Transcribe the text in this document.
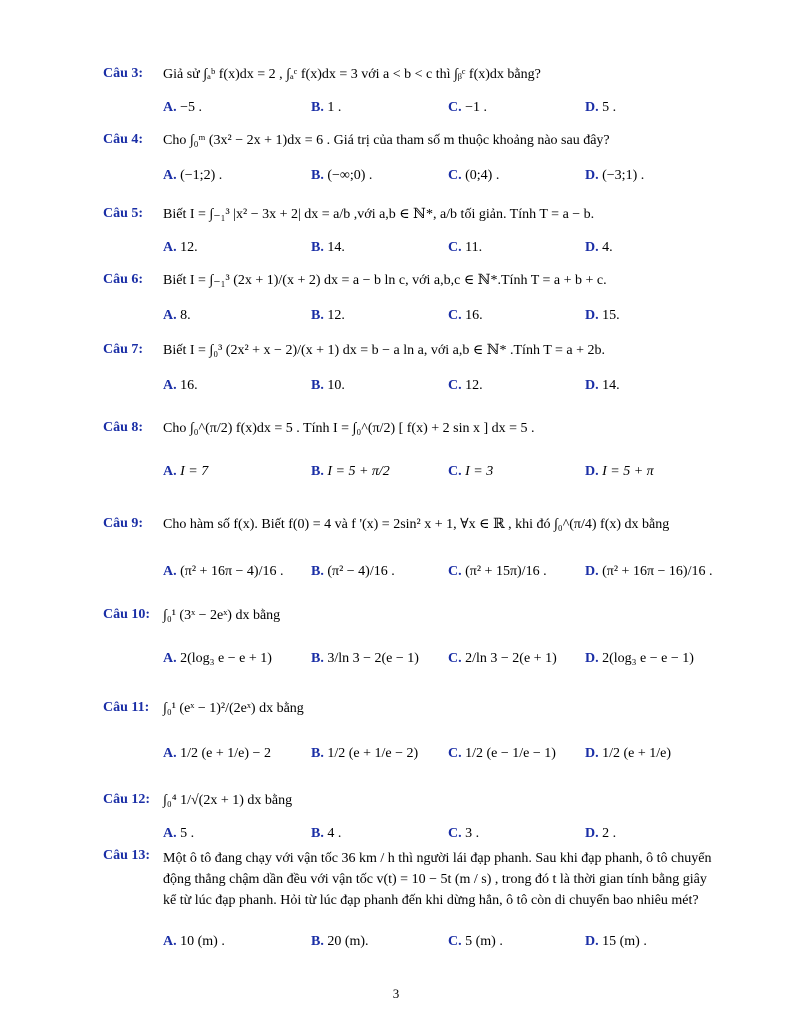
Câu 3: Giả sử ∫ₐᵇ f(x)dx = 2 , ∫ₐᶜ f(x)dx = 3 với a < b < c thì ∫ᵦᶜ f(x)dx bằng?
A. −5 .	B. 1 .	C. −1 .	D. 5 .
Câu 4: Cho ∫₀ᵐ (3x² − 2x + 1)dx = 6 . Giá trị của tham số m thuộc khoảng nào sau đây?
A. (−1;2) .	B. (−∞;0) .	C. (0;4) .	D. (−3;1) .
Câu 5: Biết I = ∫₋₁³ |x² − 3x + 2| dx = a/b ,với a,b ∈ ℕ*, a/b tối giản. Tính T = a − b.
A. 12.	B. 14.	C. 11.	D. 4.
Câu 6: Biết I = ∫₋₁³ (2x + 1)/(x + 2) dx = a − b ln c, với a,b,c ∈ ℕ*.Tính T = a + b + c.
A. 8.	B. 12.	C. 16.	D. 15.
Câu 7: Biết I = ∫₀³ (2x² + x − 2)/(x + 1) dx = b − a ln a, với a,b ∈ ℕ* .Tính T = a + 2b.
A. 16.	B. 10.	C. 12.	D. 14.
Câu 8: Cho ∫₀^(π/2) f(x)dx = 5 . Tính I = ∫₀^(π/2) [ f(x) + 2 sin x ] dx = 5 .
A. I = 7	B. I = 5 + π/2	C. I = 3	D. I = 5 + π
Câu 9: Cho hàm số f(x). Biết f(0) = 4 và f '(x) = 2sin² x + 1, ∀x ∈ ℝ , khi đó ∫₀^(π/4) f(x) dx bằng
A. (π² + 16π − 4)/16 . B. (π² − 4)/16 .	C. (π² + 15π)/16 .	D. (π² + 16π − 16)/16 .
Câu 10: ∫₀¹ (3ˣ − 2eˣ) dx bằng
A. 2(log₃ e − e + 1)	B. 3/ln 3 − 2(e − 1) C. 2/ln 3 − 2(e + 1) D. 2(log₃ e − e − 1)
Câu 11: ∫₀¹ (eˣ − 1)²/(2eˣ) dx bằng
A. 1/2 (e + 1/e) − 2	B. 1/2 (e + 1/e − 2) C. 1/2 (e − 1/e − 1) D. 1/2 (e + 1/e)
Câu 12: ∫₀⁴ 1/√(2x + 1) dx bằng
A. 5 .	B. 4 .	C. 3 .	D. 2 .
Câu 13: Một ô tô đang chạy với vận tốc 36 km / h thì người lái đạp phanh. Sau khi đạp phanh, ô tô chuyển động thẳng chậm dần đều với vận tốc v(t) = 10 − 5t (m / s) , trong đó t là thời gian tính bằng giây kể từ lúc đạp phanh. Hỏi từ lúc đạp phanh đến khi dừng hẳn, ô tô còn di chuyển bao nhiêu mét?
A. 10 (m) .	B. 20 (m).	C. 5 (m) .	D. 15 (m) .
3
